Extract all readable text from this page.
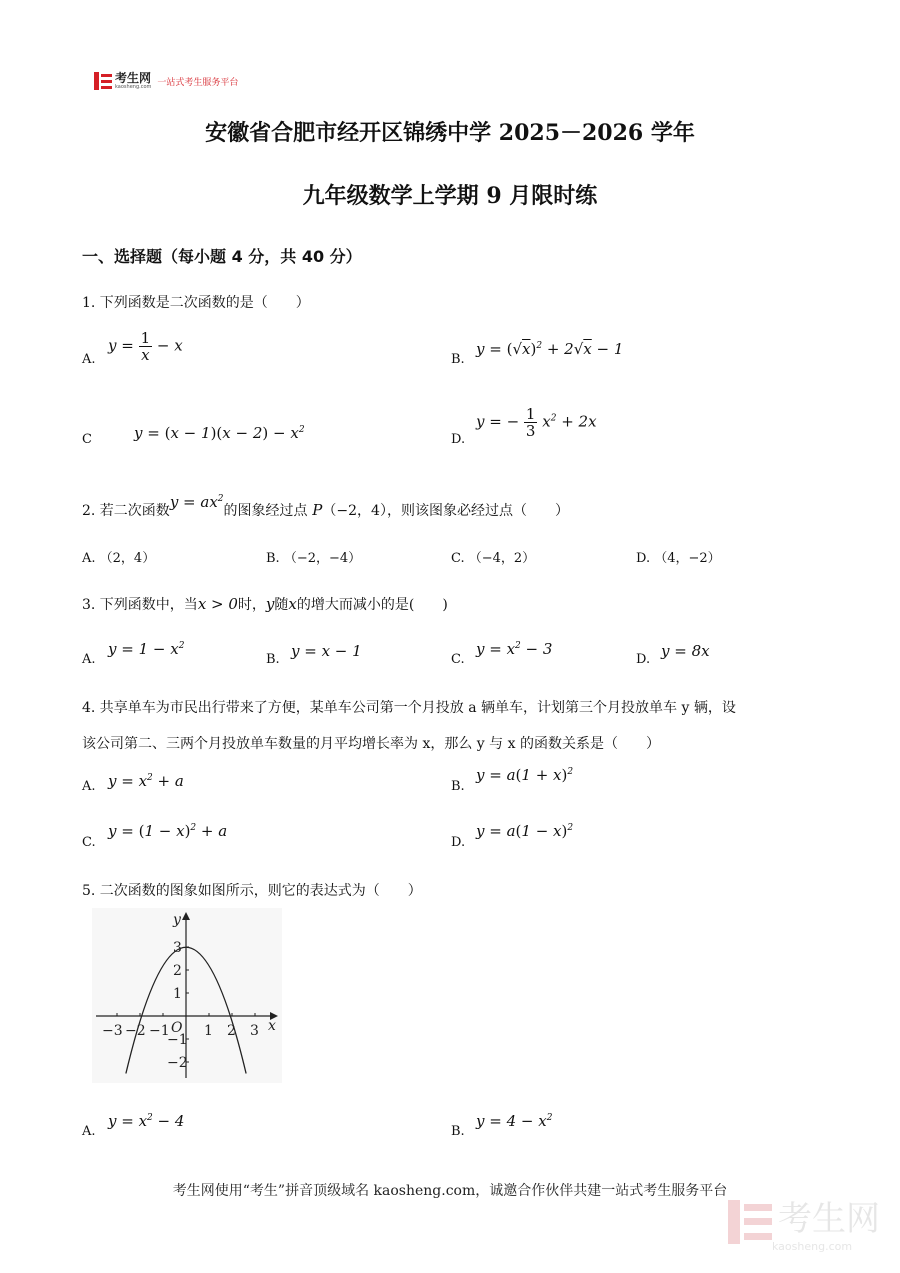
考生网
kaosheng.com 一站式考生服务平台
安徽省合肥市经开区锦绣中学 2025－2026 学年
九年级数学上学期 9 月限时练
一、选择题（每小题 4 分，共 40 分）
1. 下列函数是二次函数的是（　　）
A.
$y = \frac{1}{x} - x$
B.
$y = (√x)^2 + 2√x - 1$
C	$y = (x - 1)(x - 2) - x^2$
D.
y = − $\frac{1}{3} x^2 + 2x$
2. 若二次函数$y = ax^2$的图象经过点 P（−2，4），则该图象必经过点（　　）
A. （2，4）	B. （−2，−4）	C. （−4，2）	D. （4，−2）
3. 下列函数中，当x > 0时，y随x的增大而减小的是(　　)
A.
$y = 1 - x^2$
B. y = x − 1	C.
$y = x^2 - 3$
D. y = 8x
4. 共享单车为市民出行带来了方便，某单车公司第一个月投放 a 辆单车，计划第三个月投放单车 y 辆，设
该公司第二、三两个月投放单车数量的月平均增长率为 x，那么 y 与 x 的函数关系是（　　）
A. $y = x^2 + a$	B.
$y = a(1 + x)^2$
C.
$y = (1 - x)^2 + a$
D.
$y = a(1 - x)^2$
5. 二次函数的图象如图所示，则它的表达式为（　　）
y
x
O
−3 −2 −1 1 2 3
3
2
1
−1
−2
A.
$y = x^2 - 4$
B.
$y = 4 - x^2$
考生网使用“考生”拼音顶级域名 kaosheng.com，诚邀合作伙伴共建一站式考生服务平台
考生网
kaosheng.com
